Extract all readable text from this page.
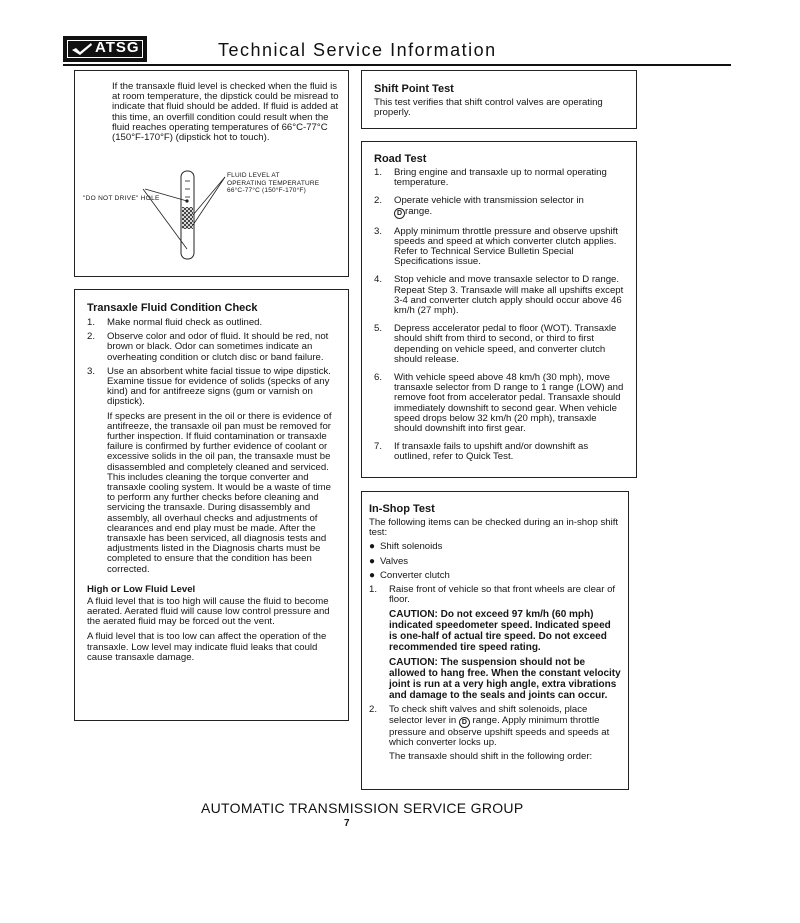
ATSG	Technical Service Information
If the transaxle fluid level is checked when the fluid is at room temperature, the dipstick could be misread to indicate that fluid should be added. If fluid is added at this time, an overfill condition could result when the fluid reaches operating temperatures of 66°C-77°C (150°F-170°F) (dipstick hot to touch).
"DO NOT DRIVE" HOLE
FLUID LEVEL AT
OPERATING TEMPERATURE
66°C-77°C (150°F-170°F)
Transaxle Fluid Condition Check
1.	Make normal fluid check as outlined.
2.	Observe color and odor of fluid. It should be red, not brown or black. Odor can sometimes indicate an overheating condition or clutch disc or band failure.
3.	Use an absorbent white facial tissue to wipe dipstick. Examine tissue for evidence of solids (specks of any kind) and for antifreeze signs (gum or varnish on dipstick).
If specks are present in the oil or there is evidence of antifreeze, the transaxle oil pan must be removed for further inspection. If fluid contamination or transaxle failure is confirmed by further evidence of coolant or excessive solids in the oil pan, the transaxle must be disassembled and completely cleaned and serviced. This includes cleaning the torque converter and transaxle cooling system. It would be a waste of time to perform any further checks before cleaning and servicing the transaxle. During disassembly and assembly, all overhaul checks and adjustments of clearances and end play must be made. After the transaxle has been serviced, all diagnosis tests and adjustments listed in the Diagnosis charts must be completed to ensure that the condition has been corrected.
High or Low Fluid Level
A fluid level that is too high will cause the fluid to become aerated. Aerated fluid will cause low control pressure and the aerated fluid may be forced out the vent.
A fluid level that is too low can affect the operation of the transaxle. Low level may indicate fluid leaks that could cause transaxle damage.
Shift Point Test
This test verifies that shift control valves are operating properly.
Road Test
1.	Bring engine and transaxle up to normal operating temperature.
2.	Operate vehicle with transmission selector in
D range.
3.	Apply minimum throttle pressure and observe upshift speeds and speed at which converter clutch applies. Refer to Technical Service Bulletin Special Specifications issue.
4.	Stop vehicle and move transaxle selector to D range. Repeat Step 3. Transaxle will make all upshifts except 3-4 and converter clutch apply should occur above 46 km/h (27 mph).
5.	Depress accelerator pedal to floor (WOT). Transaxle should shift from third to second, or third to first depending on vehicle speed, and converter clutch should release.
6.	With vehicle speed above 48 km/h (30 mph), move transaxle selector from D range to 1 range (LOW) and remove foot from accelerator pedal. Transaxle should immediately downshift to second gear. When vehicle speed drops below 32 km/h (20 mph), transaxle should downshift into first gear.
7.	If transaxle fails to upshift and/or downshift as outlined, refer to Quick Test.
In-Shop Test
The following items can be checked during an in-shop shift test:
● Shift solenoids
● Valves
● Converter clutch
1.	Raise front of vehicle so that front wheels are clear of floor.
CAUTION: Do not exceed 97 km/h (60 mph) indicated speedometer speed. Indicated speed is one-half of actual tire speed. Do not exceed recommended tire speed rating.
CAUTION: The suspension should not be allowed to hang free. When the constant velocity joint is run at a very high angle, extra vibrations and damage to the seals and joints can occur.
2.	To check shift valves and shift solenoids, place selector lever in D range. Apply minimum throttle pressure and observe upshift speeds and speeds at which converter locks up.
The transaxle should shift in the following order:
AUTOMATIC TRANSMISSION SERVICE GROUP
7
